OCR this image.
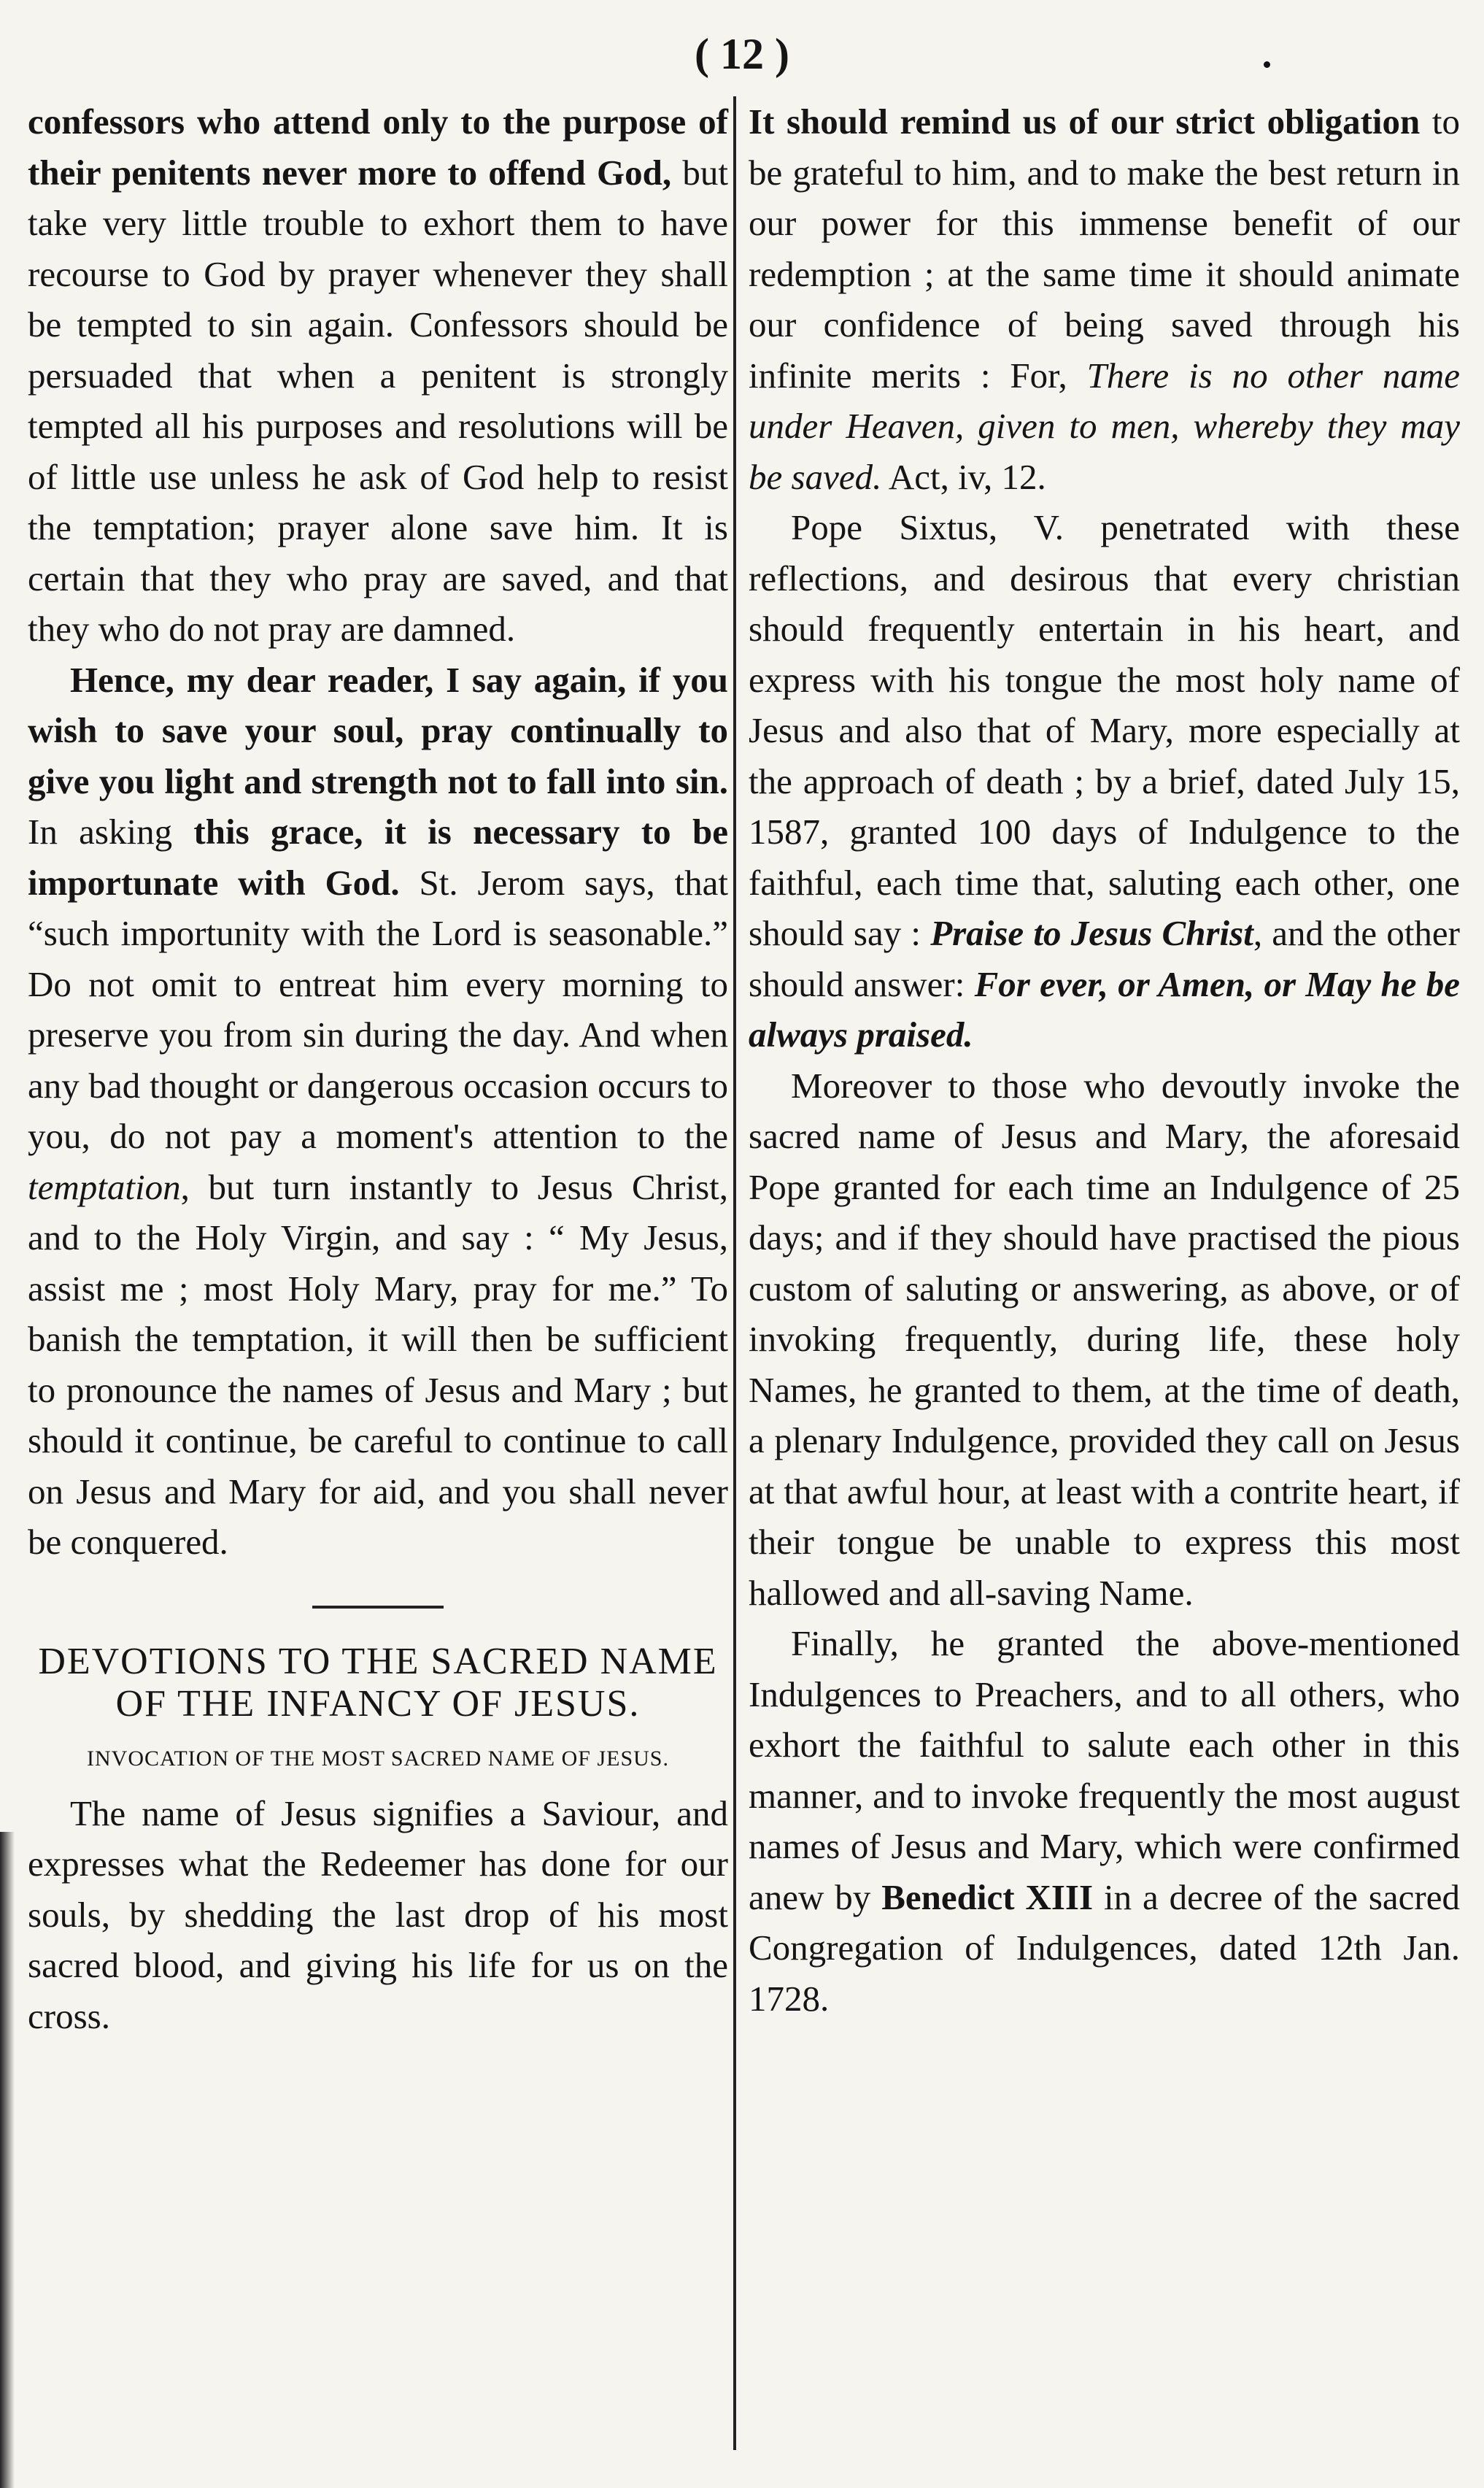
( 12 )

confessors who attend only to the purpose of their penitents never more to offend God, but take very little trouble to exhort them to have recourse to God by prayer whenever they shall be tempted to sin again. Confessors should be persuaded that when a penitent is strongly tempted all his purposes and resolutions will be of little use unless he ask of God help to resist the temptation; prayer alone save him. It is certain that they who pray are saved, and that they who do not pray are damned.

Hence, my dear reader, I say again, if you wish to save your soul, pray continually to give you light and strength not to fall into sin. In asking this grace, it is necessary to be importunate with God. St. Jerom says, that “such importunity with the Lord is seasonable.” Do not omit to entreat him every morning to preserve you from sin during the day. And when any bad thought or dangerous occasion occurs to you, do not pay a moment's attention to the temptation, but turn instantly to Jesus Christ, and to the Holy Virgin, and say : “ My Jesus, assist me ; most Holy Mary, pray for me.” To banish the temptation, it will then be sufficient to pronounce the names of Jesus and Mary ; but should it continue, be careful to continue to call on Jesus and Mary for aid, and you shall never be conquered.

DEVOTIONS TO THE SACRED NAME OF THE INFANCY OF JESUS.
INVOCATION OF THE MOST SACRED NAME OF JESUS.

The name of Jesus signifies a Saviour, and expresses what the Redeemer has done for our souls, by shedding the last drop of his most sacred blood, and giving his life for us on the cross.

It should remind us of our strict obligation to be grateful to him, and to make the best return in our power for this immense benefit of our redemption ; at the same time it should animate our confidence of being saved through his infinite merits : For, There is no other name under Heaven, given to men, whereby they may be saved. Act, iv, 12.

Pope Sixtus, V. penetrated with these reflections, and desirous that every christian should frequently entertain in his heart, and express with his tongue the most holy name of Jesus and also that of Mary, more especially at the approach of death ; by a brief, dated July 15, 1587, granted 100 days of Indulgence to the faithful, each time that, saluting each other, one should say : Praise to Jesus Christ, and the other should answer: For ever, or Amen, or May he be always praised.

Moreover to those who devoutly invoke the sacred name of Jesus and Mary, the aforesaid Pope granted for each time an Indulgence of 25 days; and if they should have practised the pious custom of saluting or answering, as above, or of invoking frequently, during life, these holy Names, he granted to them, at the time of death, a plenary Indulgence, provided they call on Jesus at that awful hour, at least with a contrite heart, if their tongue be unable to express this most hallowed and all-saving Name.

Finally, he granted the above-mentioned Indulgences to Preachers, and to all others, who exhort the faithful to salute each other in this manner, and to invoke frequently the most august names of Jesus and Mary, which were confirmed anew by Benedict XIII in a decree of the sacred Congregation of Indulgences, dated 12th Jan. 1728.
